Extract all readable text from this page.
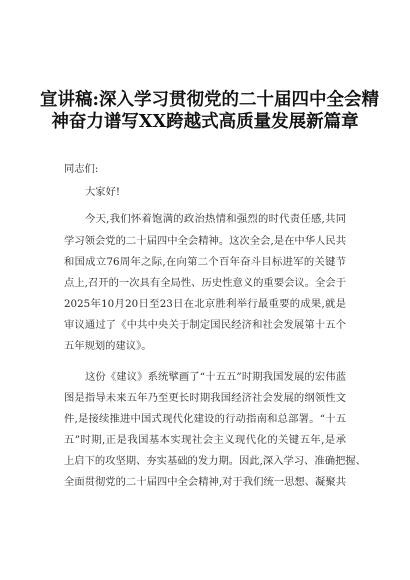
宣讲稿:深入学习贯彻党的二十届四中全会精
神奋力谱写XX跨越式高质量发展新篇章
同志们:
大家好!
今天,我们怀着饱满的政治热情和强烈的时代责任感,共同
学习领会党的二十届四中全会精神。这次全会,是在中华人民共
和国成立76周年之际,在向第二个百年奋斗目标进军的关键节
点上,召开的一次具有全局性、历史性意义的重要会议。全会于
2025年10月20日至23日在北京胜利举行最重要的成果,就是
审议通过了《中共中央关于制定国民经济和社会发展第十五个
五年规划的建议》。
这份《建议》系统擘画了“十五五”时期我国发展的宏伟蓝
图是指导未来五年乃至更长时期我国经济社会发展的纲领性文
件,是接续推进中国式现代化建设的行动指南和总部署。“十五
五”时期,正是我国基本实现社会主义现代化的关键五年,是承
上启下的攻坚期、夯实基础的发力期。因此,深入学习、准确把握、
全面贯彻党的二十届四中全会精神,对于我们统一思想、凝聚共
